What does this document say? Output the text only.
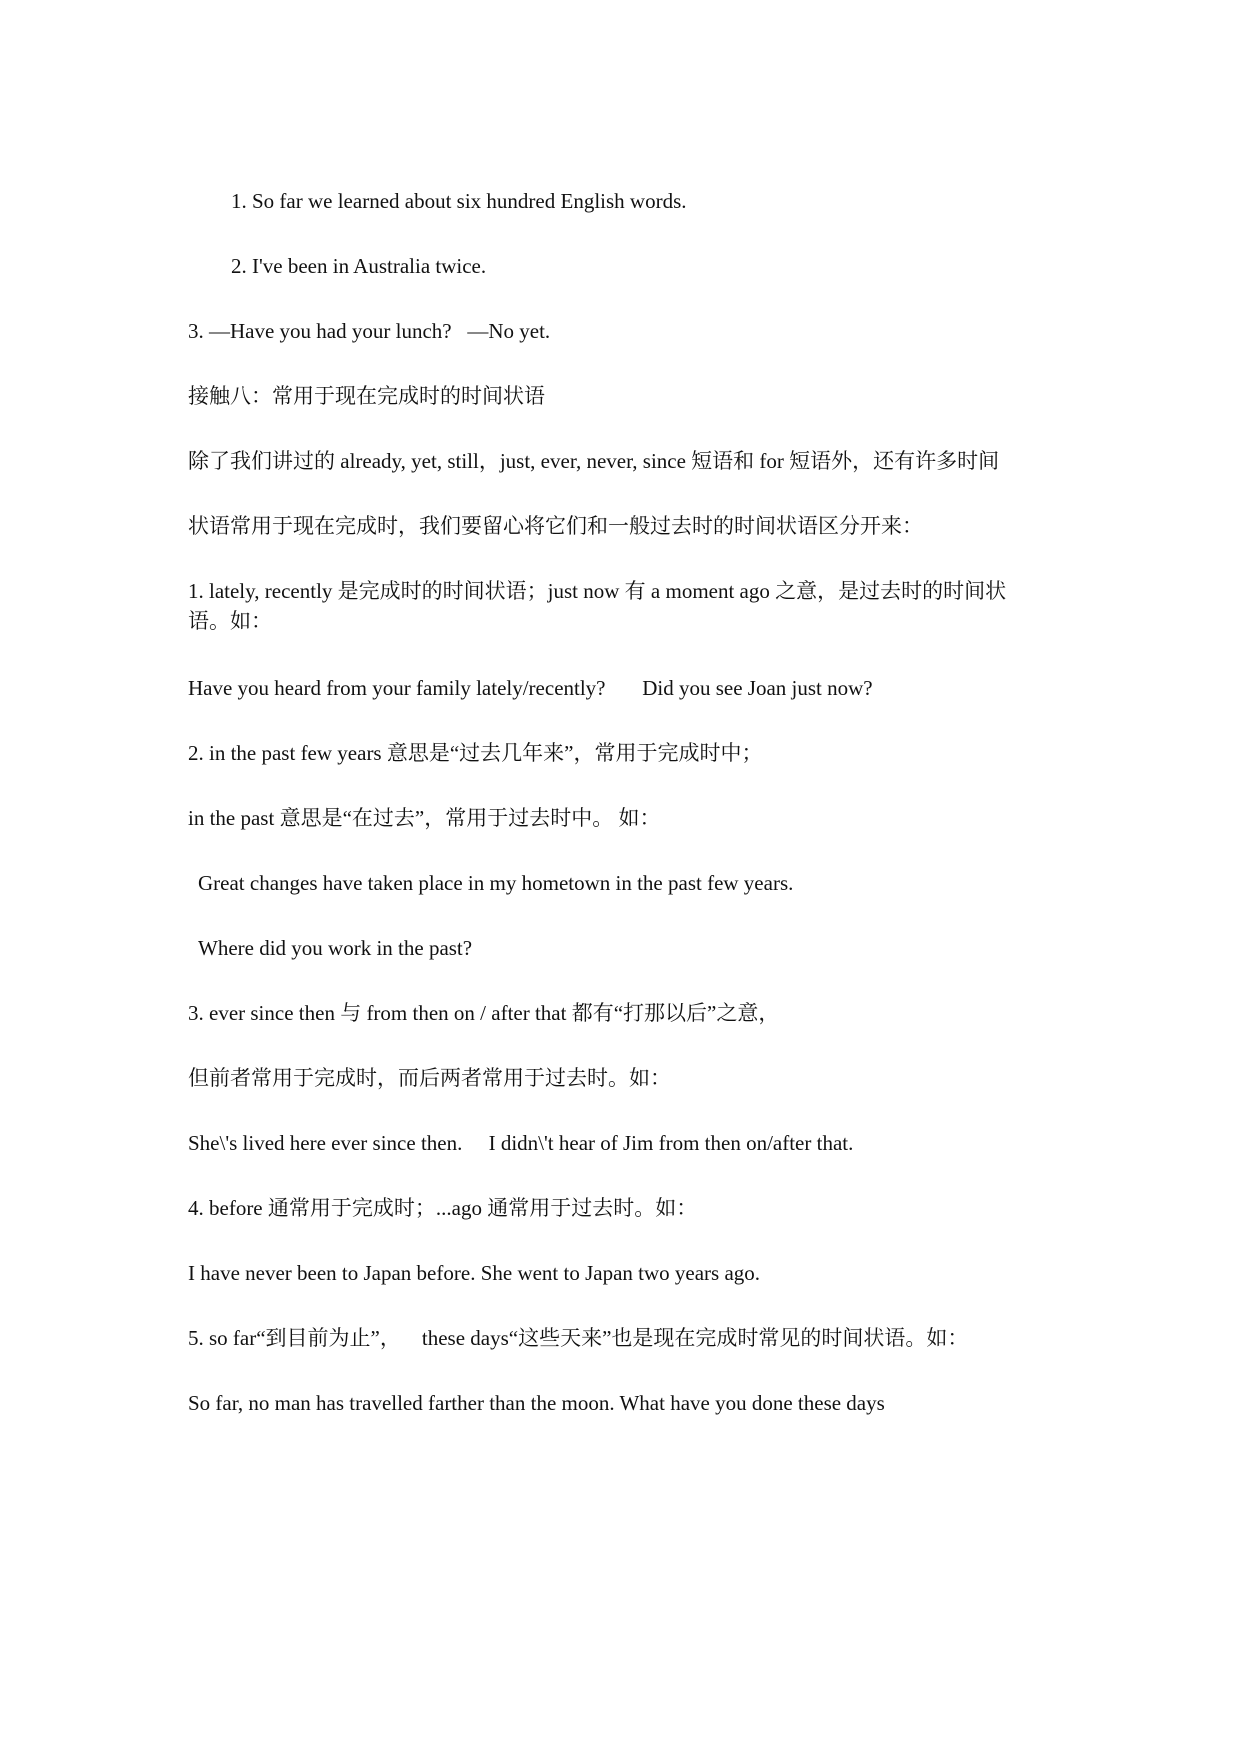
1. So far we learned about six hundred English words.
2. I've been in Australia twice.
3. —Have you had your lunch?   —No yet.
接触八：常用于现在完成时的时间状语
除了我们讲过的 already, yet, still，just, ever, never, since 短语和 for 短语外，还有许多时间
状语常用于现在完成时，我们要留心将它们和一般过去时的时间状语区分开来：
1. lately, recently 是完成时的时间状语；just now 有 a moment ago 之意，是过去时的时间状
语。如：
Have you heard from your family lately/recently?       Did you see Joan just now?
2. in the past few years 意思是“过去几年来”，常用于完成时中；
in the past 意思是“在过去”，常用于过去时中。 如：
Great changes have taken place in my hometown in the past few years.
Where did you work in the past?
3. ever since then 与 from then on / after that 都有“打那以后”之意，
但前者常用于完成时，而后两者常用于过去时。如：
She\'s lived here ever since then.     I didn\'t hear of Jim from then on/after that.
4. before 通常用于完成时；...ago 通常用于过去时。如：
I have never been to Japan before. She went to Japan two years ago.
5. so far“到目前为止”，    these days“这些天来”也是现在完成时常见的时间状语。如：
So far, no man has travelled farther than the moon. What have you done these days
